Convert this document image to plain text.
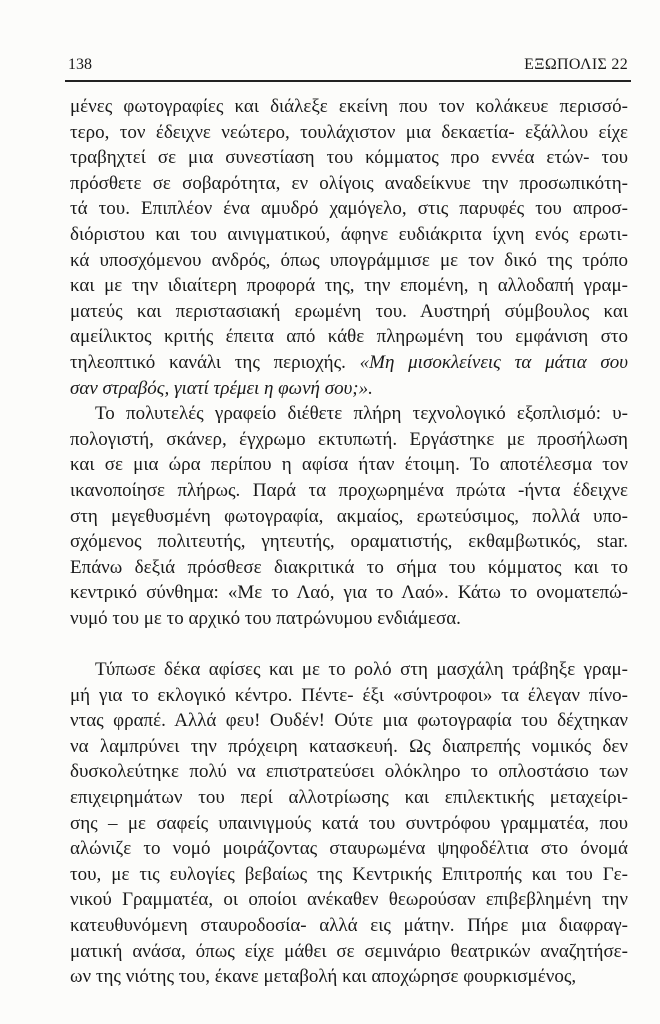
138	ΕΞΩΠΟΛΙΣ 22
μένες φωτογραφίες και διάλεξε εκείνη που τον κολάκευε περισσό-
τερο, τον έδειχνε νεώτερο, τουλάχιστον μια δεκαετία- εξάλλου είχε
τραβηχτεί σε μια συνεστίαση του κόμματος προ εννέα ετών- του
πρόσθετε σε σοβαρότητα, εν ολίγοις αναδείκνυε την προσωπικότη-
τά του. Επιπλέον ένα αμυδρό χαμόγελο, στις παρυφές του απροσ-
διόριστου και του αινιγματικού, άφηνε ευδιάκριτα ίχνη ενός ερωτι-
κά υποσχόμενου ανδρός, όπως υπογράμμισε με τον δικό της τρόπο
και με την ιδιαίτερη προφορά της, την επομένη, η αλλοδαπή γραμ-
ματεύς και περιστασιακή ερωμένη του. Αυστηρή σύμβουλος και
αμείλικτος κριτής έπειτα από κάθε πληρωμένη του εμφάνιση στο
τηλεοπτικό κανάλι της περιοχής. «Μη μισοκλείνεις τα μάτια σου
σαν στραβός, γιατί τρέμει η φωνή σου;».
Το πολυτελές γραφείο διέθετε πλήρη τεχνολογικό εξοπλισμό: υ-
πολογιστή, σκάνερ, έγχρωμο εκτυπωτή. Εργάστηκε με προσήλωση
και σε μια ώρα περίπου η αφίσα ήταν έτοιμη. Το αποτέλεσμα τον
ικανοποίησε πλήρως. Παρά τα προχωρημένα πρώτα -ήντα έδειχνε
στη μεγεθυσμένη φωτογραφία, ακμαίος, ερωτεύσιμος, πολλά υπο-
σχόμενος πολιτευτής, γητευτής, οραματιστής, εκθαμβωτικός, star.
Επάνω δεξιά πρόσθεσε διακριτικά το σήμα του κόμματος και το
κεντρικό σύνθημα: «Με το Λαό, για το Λαό». Κάτω το ονοματεπώ-
νυμό του με το αρχικό του πατρώνυμου ενδιάμεσα.
Τύπωσε δέκα αφίσες και με το ρολό στη μασχάλη τράβηξε γραμ-
μή για το εκλογικό κέντρο. Πέντε- έξι «σύντροφοι» τα έλεγαν πίνο-
ντας φραπέ. Αλλά φευ! Ουδέν! Ούτε μια φωτογραφία του δέχτηκαν
να λαμπρύνει την πρόχειρη κατασκευή. Ως διαπρεπής νομικός δεν
δυσκολεύτηκε πολύ να επιστρατεύσει ολόκληρο το οπλοστάσιο των
επιχειρημάτων του περί αλλοτρίωσης και επιλεκτικής μεταχείρι-
σης – με σαφείς υπαινιγμούς κατά του συντρόφου γραμματέα, που
αλώνιζε το νομό μοιράζοντας σταυρωμένα ψηφοδέλτια στο όνομά
του, με τις ευλογίες βεβαίως της Κεντρικής Επιτροπής και του Γε-
νικού Γραμματέα, οι οποίοι ανέκαθεν θεωρούσαν επιβεβλημένη την
κατευθυνόμενη σταυροδοσία- αλλά εις μάτην. Πήρε μια διαφραγ-
ματική ανάσα, όπως είχε μάθει σε σεμινάριο θεατρικών αναζητήσε-
ων της νιότης του, έκανε μεταβολή και αποχώρησε φουρκισμένος,
